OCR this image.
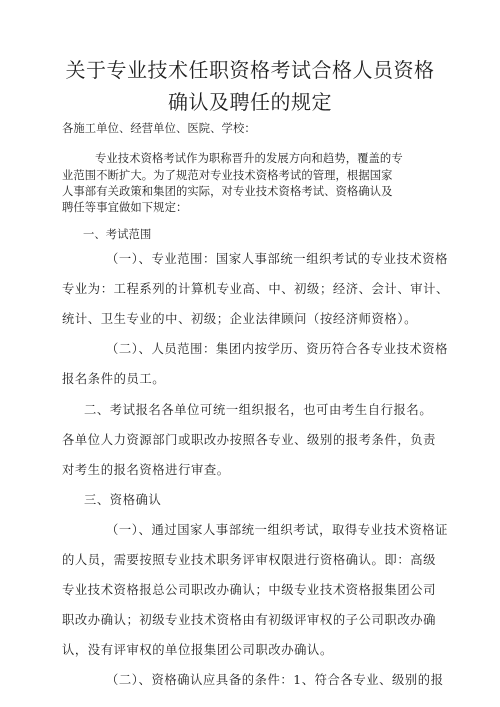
关于专业技术任职资格考试合格人员资格
确认及聘任的规定
各施工单位、经营单位、医院、学校：
专业技术资格考试作为职称晋升的发展方向和趋势，覆盖的专
业范围不断扩大。为了规范对专业技术资格考试的管理，根据国家
人事部有关政策和集团的实际，对专业技术资格考试、资格确认及
聘任等事宜做如下规定：
一、考试范围
（一）、专业范围：国家人事部统一组织考试的专业技术资格
专业为：工程系列的计算机专业高、中、初级；经济、会计、审计、
统计、卫生专业的中、初级；企业法律顾问（按经济师资格）。
（二）、人员范围：集团内按学历、资历符合各专业技术资格
报名条件的员工。
二、考试报名各单位可统一组织报名，也可由考生自行报名。
各单位人力资源部门或职改办按照各专业、级别的报考条件，负责
对考生的报名资格进行审查。
三、资格确认
（一）、通过国家人事部统一组织考试，取得专业技术资格证
的人员，需要按照专业技术职务评审权限进行资格确认。即：高级
专业技术资格报总公司职改办确认；中级专业技术资格报集团公司
职改办确认；初级专业技术资格由有初级评审权的子公司职改办确
认，没有评审权的单位报集团公司职改办确认。
（二）、资格确认应具备的条件：1、符合各专业、级别的报
